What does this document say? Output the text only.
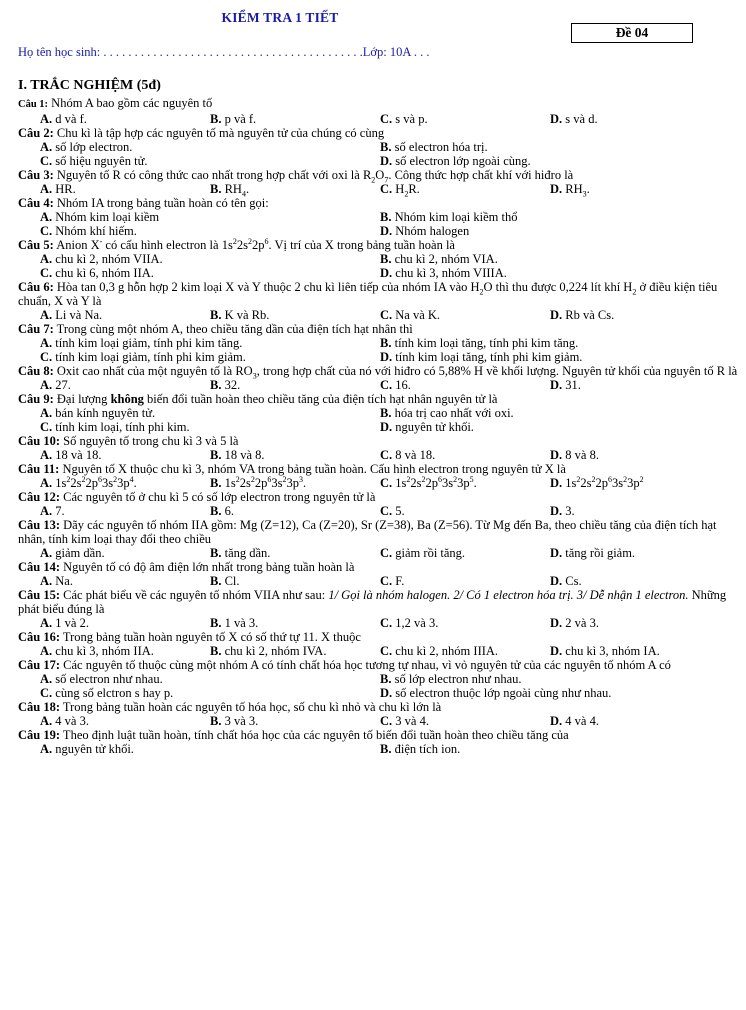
KIỂM TRA 1 TIẾT
Đề 04
Họ tên học sinh: . . . . . . . . . . . . . . . . . . . . . . . . . . . . . . . . . . . . . . . . . .Lớp: 10A . . .
I. TRẮC NGHIỆM (5đ)
Câu 1: Nhóm A bao gồm các nguyên tố
A. d và f.	B. p và f.	C. s và p.	D. s và d.
Câu 2: Chu kì là tập hợp các nguyên tố mà nguyên tử của chúng có cùng
A. số lớp electron.	B. số electron hóa trị.
C. số hiệu nguyên tử.	D. số electron lớp ngoài cùng.
Câu 3: Nguyên tố R có công thức cao nhất trong hợp chất với oxi là $R_2O_7$. Công thức hợp chất khí với hiđro là
A. HR.	B. $RH_4$.	C. $H_2R$.	D. $RH_3$.
Câu 4: Nhóm IA trong bảng tuần hoàn có tên gọi:
A. Nhóm kim loại kiềm	B. Nhóm kim loại kiềm thổ
C. Nhóm khí hiếm.	D. Nhóm halogen
Câu 5: Anion X- có cấu hình electron là $1s^22s^22p^6$. Vị trí của X trong bảng tuần hoàn là
A. chu kì 2, nhóm VIIA.	B. chu kì 2, nhóm VIA.
C. chu kì 6, nhóm IIA.	D. chu kì 3, nhóm VIIIA.
Câu 6: Hòa tan 0,3 g hỗn hợp 2 kim loại X và Y thuộc 2 chu kì liên tiếp của nhóm IA vào $H_2O$ thì thu được 0,224 lít khí $H_2$ ở điều kiện tiêu chuẩn, X và Y là
A. Li và Na.	B. K và Rb.	C. Na và K.	D. Rb và Cs.
Câu 7: Trong cùng một nhóm A, theo chiều tăng dần của điện tích hạt nhân thì
A. tính kim loại giảm, tính phi kim tăng.	B. tính kim loại tăng, tính phi kim tăng.
C. tính kim loại giảm, tính phi kim giảm.	D. tính kim loại tăng, tính phi kim giảm.
Câu 8: Oxit cao nhất của một nguyên tố là $RO_3$, trong hợp chất của nó với hiđro có 5,88% H về khối lượng. Nguyên tử khối của nguyên tố R là
A. 27.	B. 32.	C. 16.	D. 31.
Câu 9: Đại lượng không biến đổi tuần hoàn theo chiều tăng của điện tích hạt nhân nguyên tử là
A. bán kính nguyên tử.	B. hóa trị cao nhất với oxi.
C. tính kim loại, tính phi kim.	D. nguyên tử khối.
Câu 10: Số nguyên tố trong chu kì 3 và 5 là
A. 18 và 18.	B. 18 và 8.	C. 8 và 18.	D. 8 và 8.
Câu 11: Nguyên tố X thuộc chu kì 3, nhóm VA trong bảng tuần hoàn. Cấu hình electron trong nguyên tử X là
A. $1s^22s^22p^63s^23p^4$.	B. $1s^22s^22p^63s^23p^3$.	C. $1s^22s^22p^63s^23p^5$.	D. $1s^22s^22p^63s^23p^2$
Câu 12: Các nguyên tố ở chu kì 5 có số lớp electron trong nguyên tử là
A. 7.	B. 6.	C. 5.	D. 3.
Câu 13: Dãy các nguyên tố nhóm IIA gồm: Mg (Z=12), Ca (Z=20), Sr (Z=38), Ba (Z=56). Từ Mg đến Ba, theo chiều tăng của điện tích hạt nhân, tính kim loại thay đổi theo chiều
A. giảm dần.	B. tăng dần.	C. giảm rồi tăng.	D. tăng rồi giảm.
Câu 14: Nguyên tố có độ âm điện lớn nhất trong bảng tuần hoàn là
A. Na.	B. Cl.	C. F.	D. Cs.
Câu 15: Các phát biểu về các nguyên tố nhóm VIIA như sau: 1/ Gọi là nhóm halogen. 2/ Có 1 electron hóa trị. 3/ Dễ nhận 1 electron. Những phát biểu đúng là
A. 1 và 2.	B. 1 và 3.	C. 1,2 và 3.	D. 2 và 3.
Câu 16: Trong bảng tuần hoàn nguyên tố X có số thứ tự 11. X thuộc
A. chu kì 3, nhóm IIA.	B. chu kì 2, nhóm IVA.	C. chu kì 2, nhóm IIIA.	D. chu kì 3, nhóm IA.
Câu 17: Các nguyên tố thuộc cùng một nhóm A có tính chất hóa học tương tự nhau, vì vỏ nguyên tử của các nguyên tố nhóm A có
A. số electron như nhau.	B. số lớp electron như nhau.
C. cùng số elctron s hay p.	D. số electron thuộc lớp ngoài cùng như nhau.
Câu 18: Trong bảng tuần hoàn các nguyên tố hóa học, số chu kì nhỏ và chu kì lớn là
A. 4 và 3.	B. 3 và 3.	C. 3 và 4.	D. 4 và 4.
Câu 19: Theo định luật tuần hoàn, tính chất hóa học của các nguyên tố biến đổi tuần hoàn theo chiều tăng của
A. nguyên tử khối.	B. điện tích ion.
